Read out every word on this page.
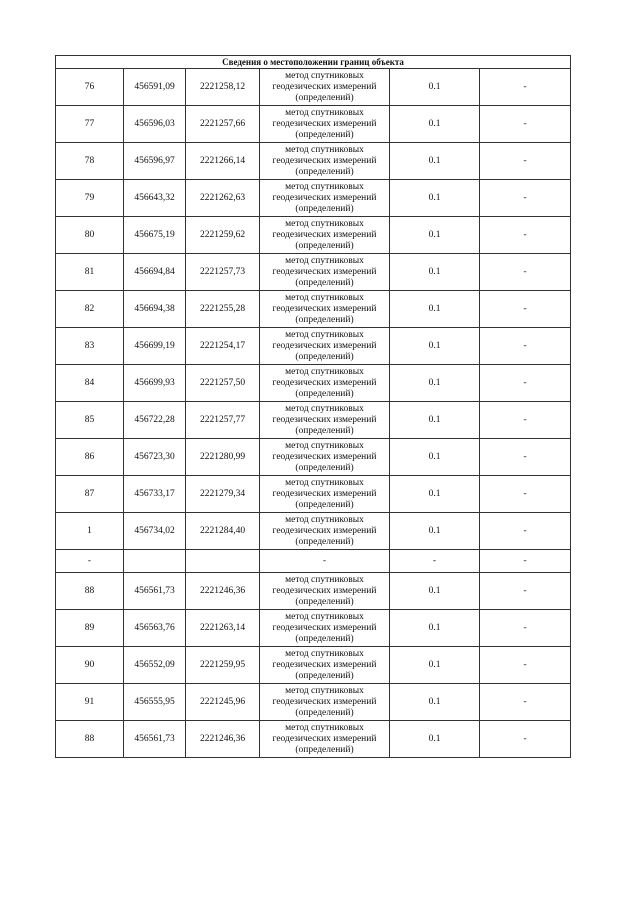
Сведения о местоположении границ объекта					
76	456591,09	2221258,12	метод спутниковых
геодезических измерений
(определений)	0.1	-
77	456596,03	2221257,66	метод спутниковых
геодезических измерений
(определений)	0.1	-
78	456596,97	2221266,14	метод спутниковых
геодезических измерений
(определений)	0.1	-
79	456643,32	2221262,63	метод спутниковых
геодезических измерений
(определений)	0.1	-
80	456675,19	2221259,62	метод спутниковых
геодезических измерений
(определений)	0.1	-
81	456694,84	2221257,73	метод спутниковых
геодезических измерений
(определений)	0.1	-
82	456694,38	2221255,28	метод спутниковых
геодезических измерений
(определений)	0.1	-
83	456699,19	2221254,17	метод спутниковых
геодезических измерений
(определений)	0.1	-
84	456699,93	2221257,50	метод спутниковых
геодезических измерений
(определений)	0.1	-
85	456722,28	2221257,77	метод спутниковых
геодезических измерений
(определений)	0.1	-
86	456723,30	2221280,99	метод спутниковых
геодезических измерений
(определений)	0.1	-
87	456733,17	2221279,34	метод спутниковых
геодезических измерений
(определений)	0.1	-
1	456734,02	2221284,40	метод спутниковых
геодезических измерений
(определений)	0.1	-
-			-	-	-
88	456561,73	2221246,36	метод спутниковых
геодезических измерений
(определений)	0.1	-
89	456563,76	2221263,14	метод спутниковых
геодезических измерений
(определений)	0.1	-
90	456552,09	2221259,95	метод спутниковых
геодезических измерений
(определений)	0.1	-
91	456555,95	2221245,96	метод спутниковых
геодезических измерений
(определений)	0.1	-
88	456561,73	2221246,36	метод спутниковых
геодезических измерений
(определений)	0.1	-
